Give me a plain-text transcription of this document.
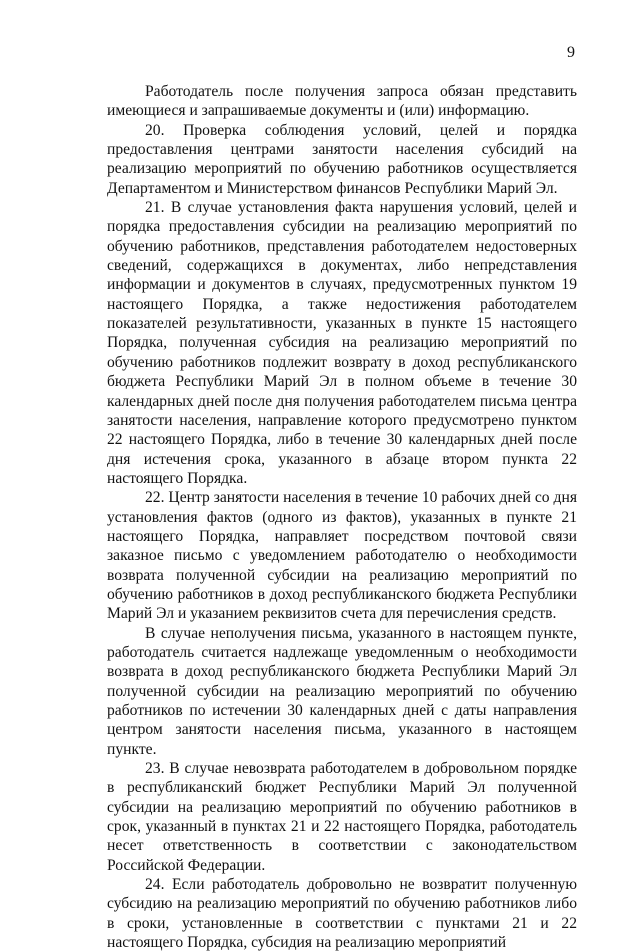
9

Работодатель после получения запроса обязан представить имеющиеся и запрашиваемые документы и (или) информацию.

20. Проверка соблюдения условий, целей и порядка предоставления центрами занятости населения субсидий на реализацию мероприятий по обучению работников осуществляется Департаментом и Министерством финансов Республики Марий Эл.

21. В случае установления факта нарушения условий, целей и порядка предоставления субсидии на реализацию мероприятий по обучению работников, представления работодателем недостоверных сведений, содержащихся в документах, либо непредставления информации и документов в случаях, предусмотренных пунктом 19 настоящего Порядка, а также недостижения работодателем показателей результативности, указанных в пункте 15 настоящего Порядка, полученная субсидия на реализацию мероприятий по обучению работников подлежит возврату в доход республиканского бюджета Республики Марий Эл в полном объеме в течение 30 календарных дней после дня получения работодателем письма центра занятости населения, направление которого предусмотрено пунктом 22 настоящего Порядка, либо в течение 30 календарных дней после дня истечения срока, указанного в абзаце втором пункта 22 настоящего Порядка.

22. Центр занятости населения в течение 10 рабочих дней со дня установления фактов (одного из фактов), указанных в пункте 21 настоящего Порядка, направляет посредством почтовой связи заказное письмо с уведомлением работодателю о необходимости возврата полученной субсидии на реализацию мероприятий по обучению работников в доход республиканского бюджета Республики Марий Эл и указанием реквизитов счета для перечисления средств.

В случае неполучения письма, указанного в настоящем пункте, работодатель считается надлежаще уведомленным о необходимости возврата в доход республиканского бюджета Республики Марий Эл полученной субсидии на реализацию мероприятий по обучению работников по истечении 30 календарных дней с даты направления центром занятости населения письма, указанного в настоящем пункте.

23. В случае невозврата работодателем в добровольном порядке в республиканский бюджет Республики Марий Эл полученной субсидии на реализацию мероприятий по обучению работников в срок, указанный в пунктах 21 и 22 настоящего Порядка, работодатель несет ответственность в соответствии с законодательством Российской Федерации.

24. Если работодатель добровольно не возвратит полученную субсидию на реализацию мероприятий по обучению работников либо в сроки, установленные в соответствии с пунктами 21 и 22 настоящего Порядка, субсидия на реализацию мероприятий
